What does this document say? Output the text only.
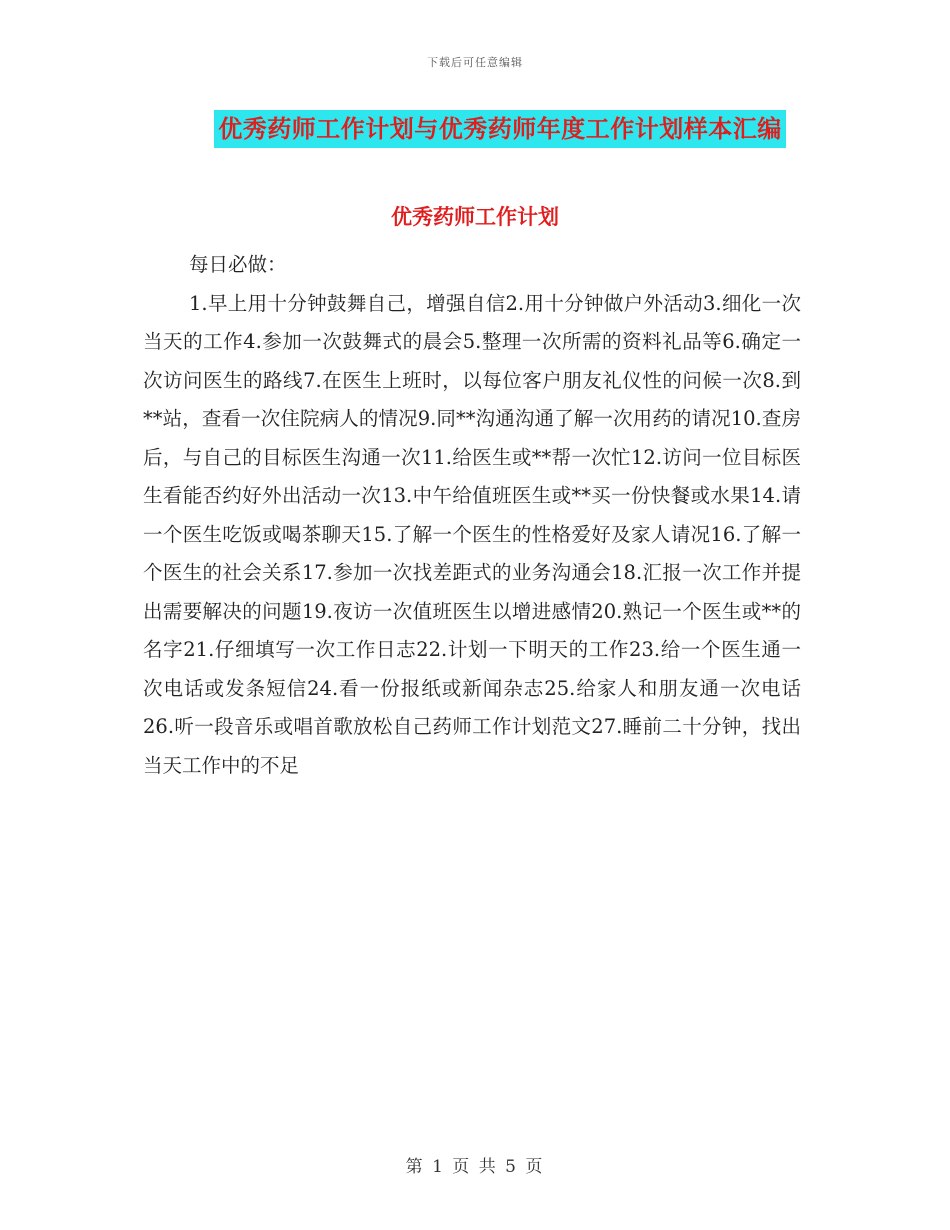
下载后可任意编辑
优秀药师工作计划与优秀药师年度工作计划样本汇编
优秀药师工作计划

每日必做：

1.早上用十分钟鼓舞自己，增强自信2.用十分钟做户外活动3.细化一次当天的工作4.参加一次鼓舞式的晨会5.整理一次所需的资料礼品等6.确定一次访问医生的路线7.在医生上班时，以每位客户朋友礼仪性的问候一次8.到**站，查看一次住院病人的情况9.同**沟通沟通了解一次用药的请况10.查房后，与自己的目标医生沟通一次11.给医生或**帮一次忙12.访问一位目标医生看能否约好外出活动一次13.中午给值班医生或**买一份快餐或水果14.请一个医生吃饭或喝茶聊天15.了解一个医生的性格爱好及家人请况16.了解一个医生的社会关系17.参加一次找差距式的业务沟通会18.汇报一次工作并提出需要解决的问题19.夜访一次值班医生以增进感情20.熟记一个医生或**的名字21.仔细填写一次工作日志22.计划一下明天的工作23.给一个医生通一次电话或发条短信24.看一份报纸或新闻杂志25.给家人和朋友通一次电话26.听一段音乐或唱首歌放松自己药师工作计划范文27.睡前二十分钟，找出当天工作中的不足

第 1 页 共 5 页
